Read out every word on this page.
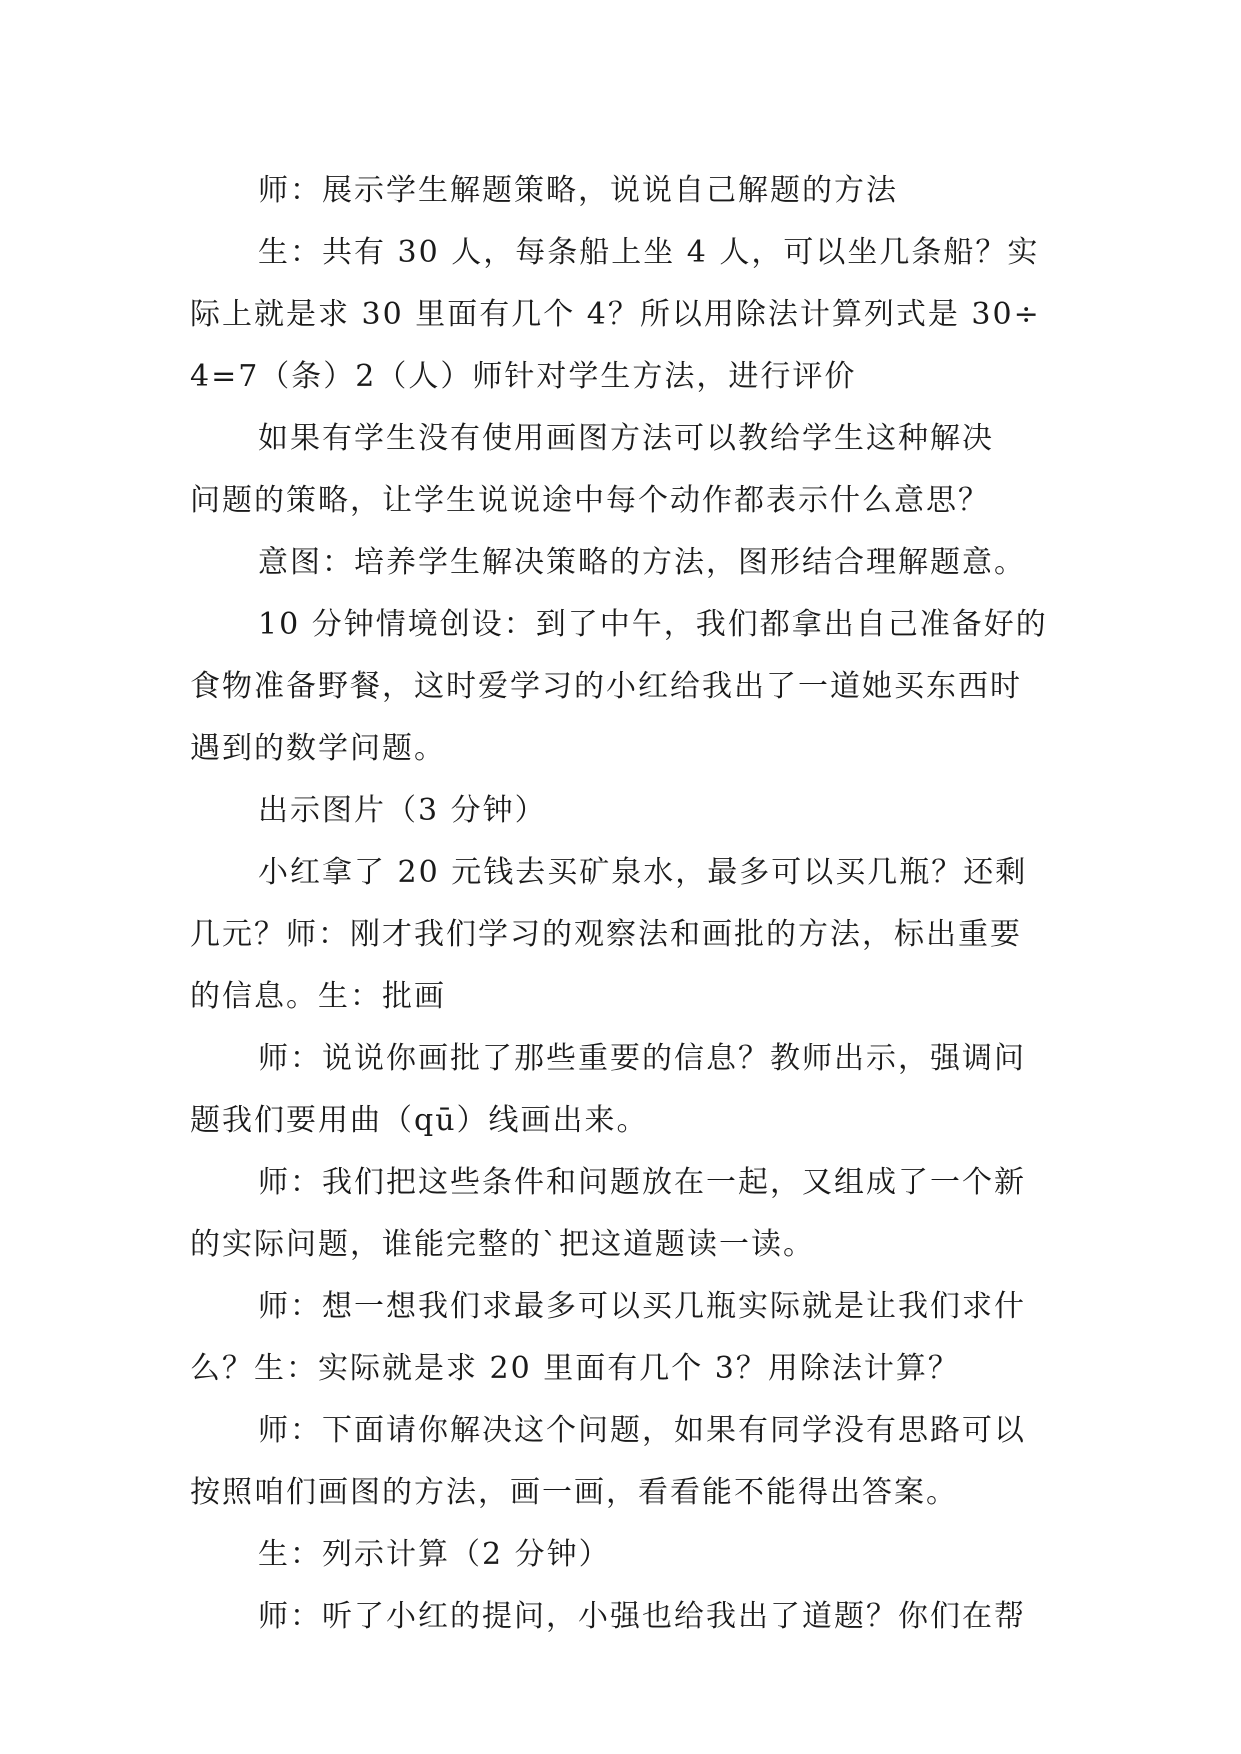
师：展示学生解题策略，说说自己解题的方法
生：共有 30 人，每条船上坐 4 人，可以坐几条船？实
际上就是求 30 里面有几个 4？所以用除法计算列式是 30÷
4=7（条）2（人）师针对学生方法，进行评价
如果有学生没有使用画图方法可以教给学生这种解决
问题的策略，让学生说说途中每个动作都表示什么意思？
意图：培养学生解决策略的方法，图形结合理解题意。
10 分钟情境创设：到了中午，我们都拿出自己准备好的
食物准备野餐，这时爱学习的小红给我出了一道她买东西时
遇到的数学问题。
出示图片（3 分钟）
小红拿了 20 元钱去买矿泉水，最多可以买几瓶？还剩
几元？师：刚才我们学习的观察法和画批的方法，标出重要
的信息。生：批画
师：说说你画批了那些重要的信息？教师出示，强调问
题我们要用曲（qū）线画出来。
师：我们把这些条件和问题放在一起，又组成了一个新
的实际问题，谁能完整的`把这道题读一读。
师：想一想我们求最多可以买几瓶实际就是让我们求什
么？生：实际就是求 20 里面有几个 3？用除法计算？
师：下面请你解决这个问题，如果有同学没有思路可以
按照咱们画图的方法，画一画，看看能不能得出答案。
生：列示计算（2 分钟）
师：听了小红的提问，小强也给我出了道题？你们在帮
